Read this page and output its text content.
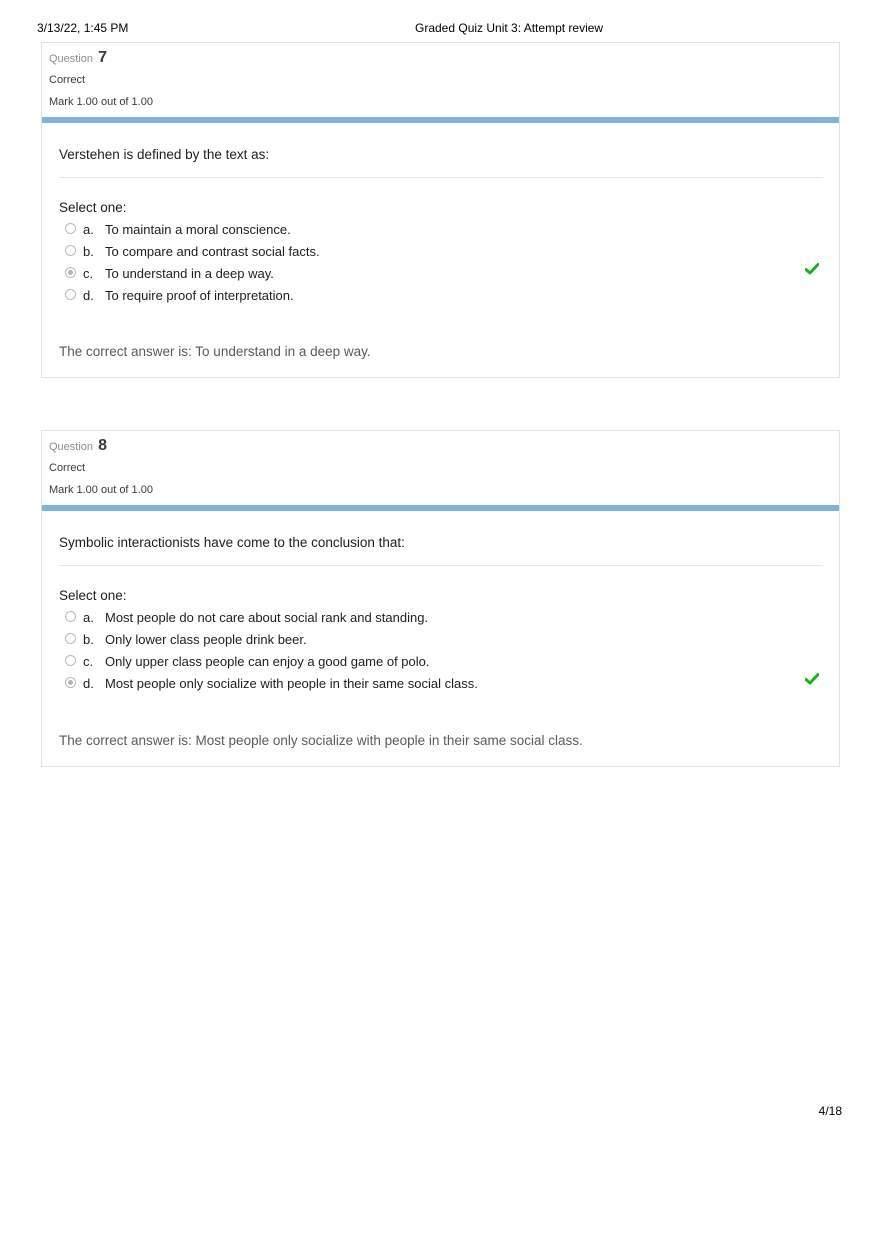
3/13/22, 1:45 PM	Graded Quiz Unit 3: Attempt review
Question 7
Correct
Mark 1.00 out of 1.00
Verstehen is defined by the text as:
Select one:
a. To maintain a moral conscience.
b. To compare and contrast social facts.
c. To understand in a deep way.
d. To require proof of interpretation.
The correct answer is: To understand in a deep way.
Question 8
Correct
Mark 1.00 out of 1.00
Symbolic interactionists have come to the conclusion that:
Select one:
a. Most people do not care about social rank and standing.
b. Only lower class people drink beer.
c. Only upper class people can enjoy a good game of polo.
d. Most people only socialize with people in their same social class.
The correct answer is: Most people only socialize with people in their same social class.
4/18
